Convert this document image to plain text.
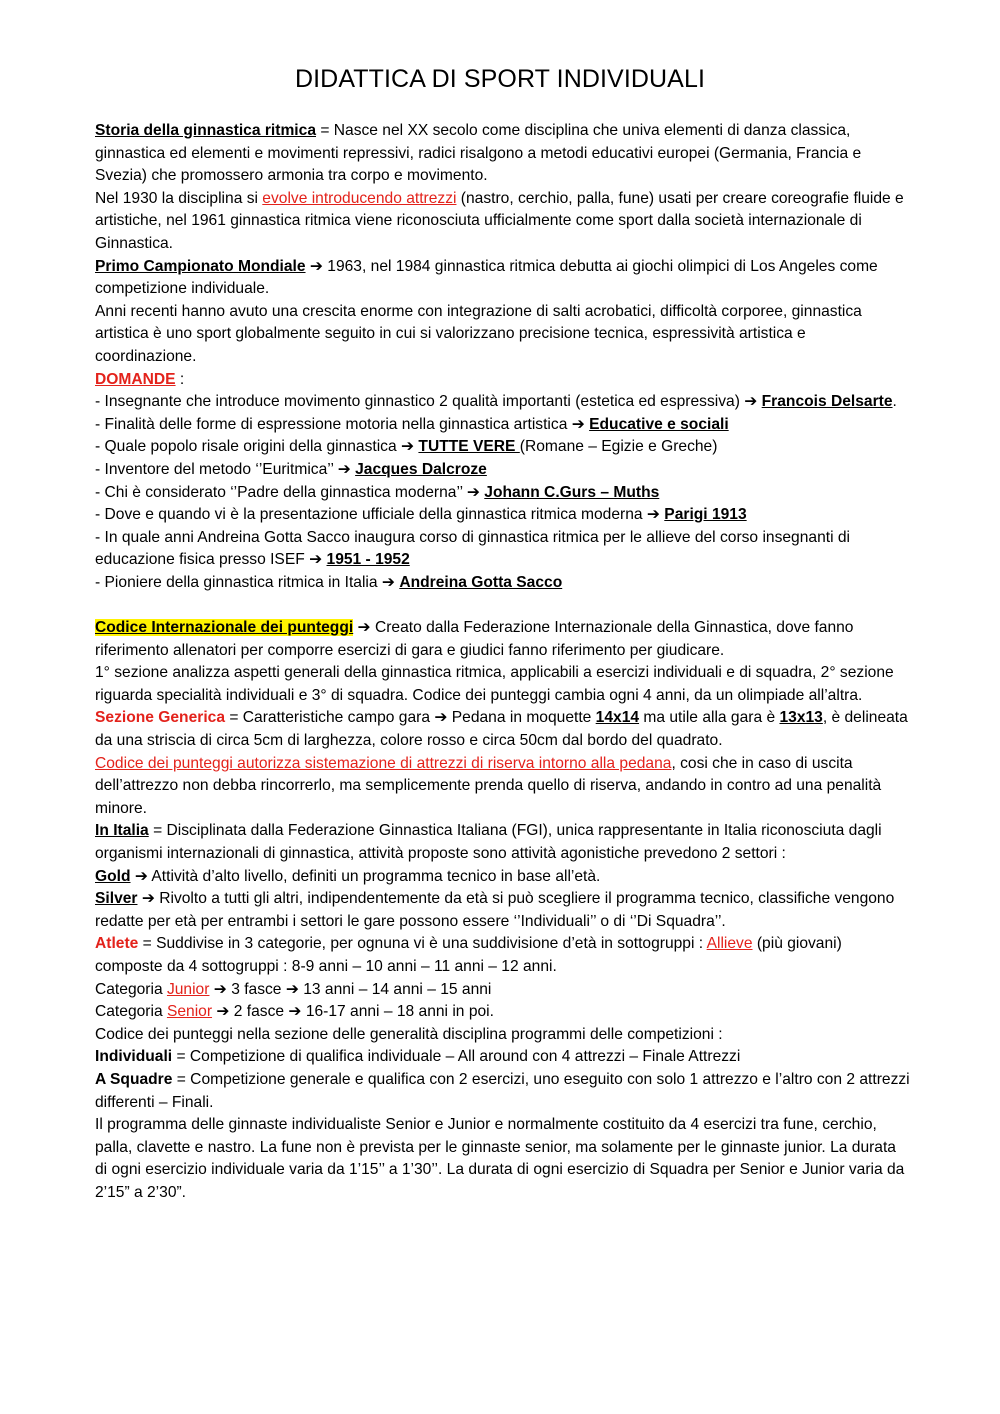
DIDATTICA DI SPORT INDIVIDUALI

Storia della ginnastica ritmica = Nasce nel XX secolo come disciplina che univa elementi di danza classica, ginnastica ed elementi e movimenti repressivi, radici risalgono a metodi educativi europei (Germania, Francia e Svezia) che promossero armonia tra corpo e movimento.

Nel 1930 la disciplina si evolve introducendo attrezzi (nastro, cerchio, palla, fune) usati per creare coreografie fluide e artistiche, nel 1961 ginnastica ritmica viene riconosciuta ufficialmente come sport dalla società internazionale di Ginnastica.

Primo Campionato Mondiale ➔ 1963, nel 1984 ginnastica ritmica debutta ai giochi olimpici di Los Angeles come competizione individuale.

Anni recenti hanno avuto una crescita enorme con integrazione di salti acrobatici, difficoltà corporee, ginnastica artistica è uno sport globalmente seguito in cui si valorizzano precisione tecnica, espressività artistica e coordinazione.

DOMANDE :

- Insegnante che introduce movimento ginnastico 2 qualità importanti (estetica ed espressiva) ➔ Francois Delsarte.

- Finalità delle forme di espressione motoria nella ginnastica artistica ➔ Educative e sociali

- Quale popolo risale origini della ginnastica ➔ TUTTE VERE (Romane – Egizie e Greche)

- Inventore del metodo ‘’Euritmica’’ ➔ Jacques Dalcroze

- Chi è considerato ‘’Padre della ginnastica moderna’’ ➔ Johann C.Gurs – Muths

- Dove e quando vi è la presentazione ufficiale della ginnastica ritmica moderna ➔ Parigi 1913

- In quale anni Andreina Gotta Sacco inaugura corso di ginnastica ritmica per le allieve del corso insegnanti di educazione fisica presso ISEF ➔ 1951 - 1952

- Pioniere della ginnastica ritmica in Italia ➔ Andreina Gotta Sacco

Codice Internazionale dei punteggi ➔ Creato dalla Federazione Internazionale della Ginnastica, dove fanno riferimento allenatori per comporre esercizi di gara e giudici fanno riferimento per giudicare.

1° sezione analizza aspetti generali della ginnastica ritmica, applicabili a esercizi individuali e di squadra, 2° sezione riguarda specialità individuali e 3° di squadra. Codice dei punteggi cambia ogni 4 anni, da un olimpiade all’altra.

Sezione Generica = Caratteristiche campo gara ➔ Pedana in moquette 14x14 ma utile alla gara è 13x13, è delineata da una striscia di circa 5cm di larghezza, colore rosso e circa 50cm dal bordo del quadrato.

Codice dei punteggi autorizza sistemazione di attrezzi di riserva intorno alla pedana, cosi che in caso di uscita dell’attrezzo non debba rincorrerlo, ma semplicemente prenda quello di riserva, andando in contro ad una penalità minore.

In Italia = Disciplinata dalla Federazione Ginnastica Italiana (FGI), unica rappresentante in Italia riconosciuta dagli organismi internazionali di ginnastica, attività proposte sono attività agonistiche prevedono 2 settori :

Gold ➔ Attività d’alto livello, definiti un programma tecnico in base all’età.

Silver ➔ Rivolto a tutti gli altri, indipendentemente da età si può scegliere il programma tecnico, classifiche vengono redatte per età per entrambi i settori le gare possono essere ‘’Individuali’’ o di ‘’Di Squadra’’.

Atlete = Suddivise in 3 categorie, per ognuna vi è una suddivisione d’età in sottogruppi : Allieve (più giovani) composte da 4 sottogruppi : 8-9 anni – 10 anni – 11 anni – 12 anni.

Categoria Junior ➔ 3 fasce ➔ 13 anni – 14 anni – 15 anni

Categoria Senior ➔ 2 fasce ➔ 16-17 anni – 18 anni in poi.

Codice dei punteggi nella sezione delle generalità disciplina programmi delle competizioni :

Individuali = Competizione di qualifica individuale – All around con 4 attrezzi – Finale Attrezzi

A Squadre = Competizione generale e qualifica con 2 esercizi, uno eseguito con solo 1 attrezzo e l’altro con 2 attrezzi differenti – Finali.

Il programma delle ginnaste individualiste Senior e Junior e normalmente costituito da 4 esercizi tra fune, cerchio, palla, clavette e nastro. La fune non è prevista per le ginnaste senior, ma solamente per le ginnaste junior. La durata di ogni esercizio individuale varia da 1’15’’ a 1’30’’. La durata di ogni esercizio di Squadra per Senior e Junior varia da 2’15” a 2’30”.
